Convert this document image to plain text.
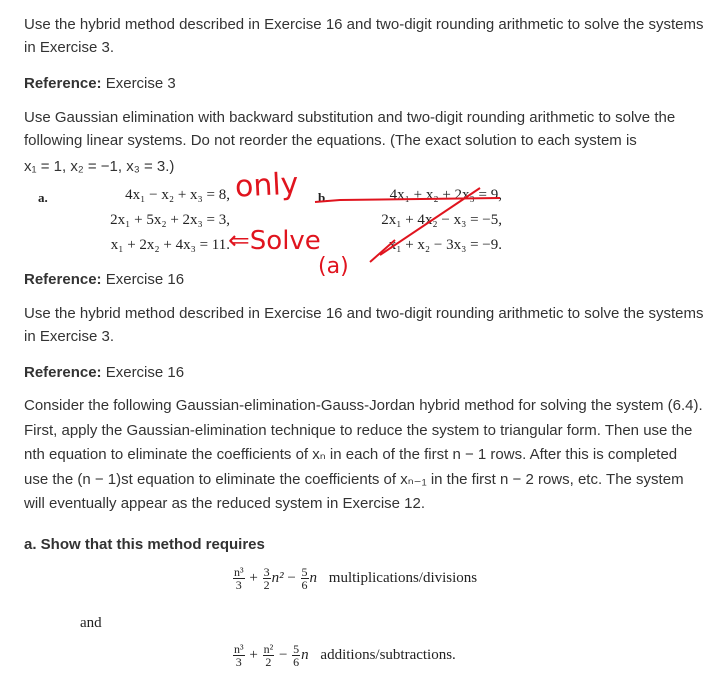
Use the hybrid method described in Exercise 16 and two-digit rounding arithmetic to solve the systems in Exercise 3.
Reference: Exercise 3
Use Gaussian elimination with backward substitution and two-digit rounding arithmetic to solve the following linear systems. Do not reorder the equations. (The exact solution to each system is
x₁ = 1, x₂ = −1, x₃ = 3.)
a.	4x₁ − x₂ + x₃ = 8,
2x₁ + 5x₂ + 2x₃ = 3,
x₁ + 2x₂ + 4x₃ = 11.
b.	4x₁ + x₂ + 2x₃ = 9,
2x₁ + 4x₂ − x₃ = −5,
x₁ + x₂ − 3x₃ = −9.
only
⇐Solve
(a)
Reference: Exercise 16
Use the hybrid method described in Exercise 16 and two-digit rounding arithmetic to solve the systems in Exercise 3.
Reference: Exercise 16
Consider the following Gaussian-elimination-Gauss-Jordan hybrid method for solving the system (6.4). First, apply the Gaussian-elimination technique to reduce the system to triangular form. Then use the nth equation to eliminate the coefficients of xₙ in each of the first n − 1 rows. After this is completed use the (n − 1)st equation to eliminate the coefficients of xₙ₋₁ in the first n − 2 rows, etc. The system will eventually appear as the reduced system in Exercise 12.
a. Show that this method requires
$\frac{\text{n³}}{3} + \frac{3}{2} n^2 - \frac{5}{6}$ n multiplications/divisions
and
$\frac{\text{n³}}{3} + \frac{\text{n²}}{2} - \frac{5}{6}$ n additions/subtractions.
